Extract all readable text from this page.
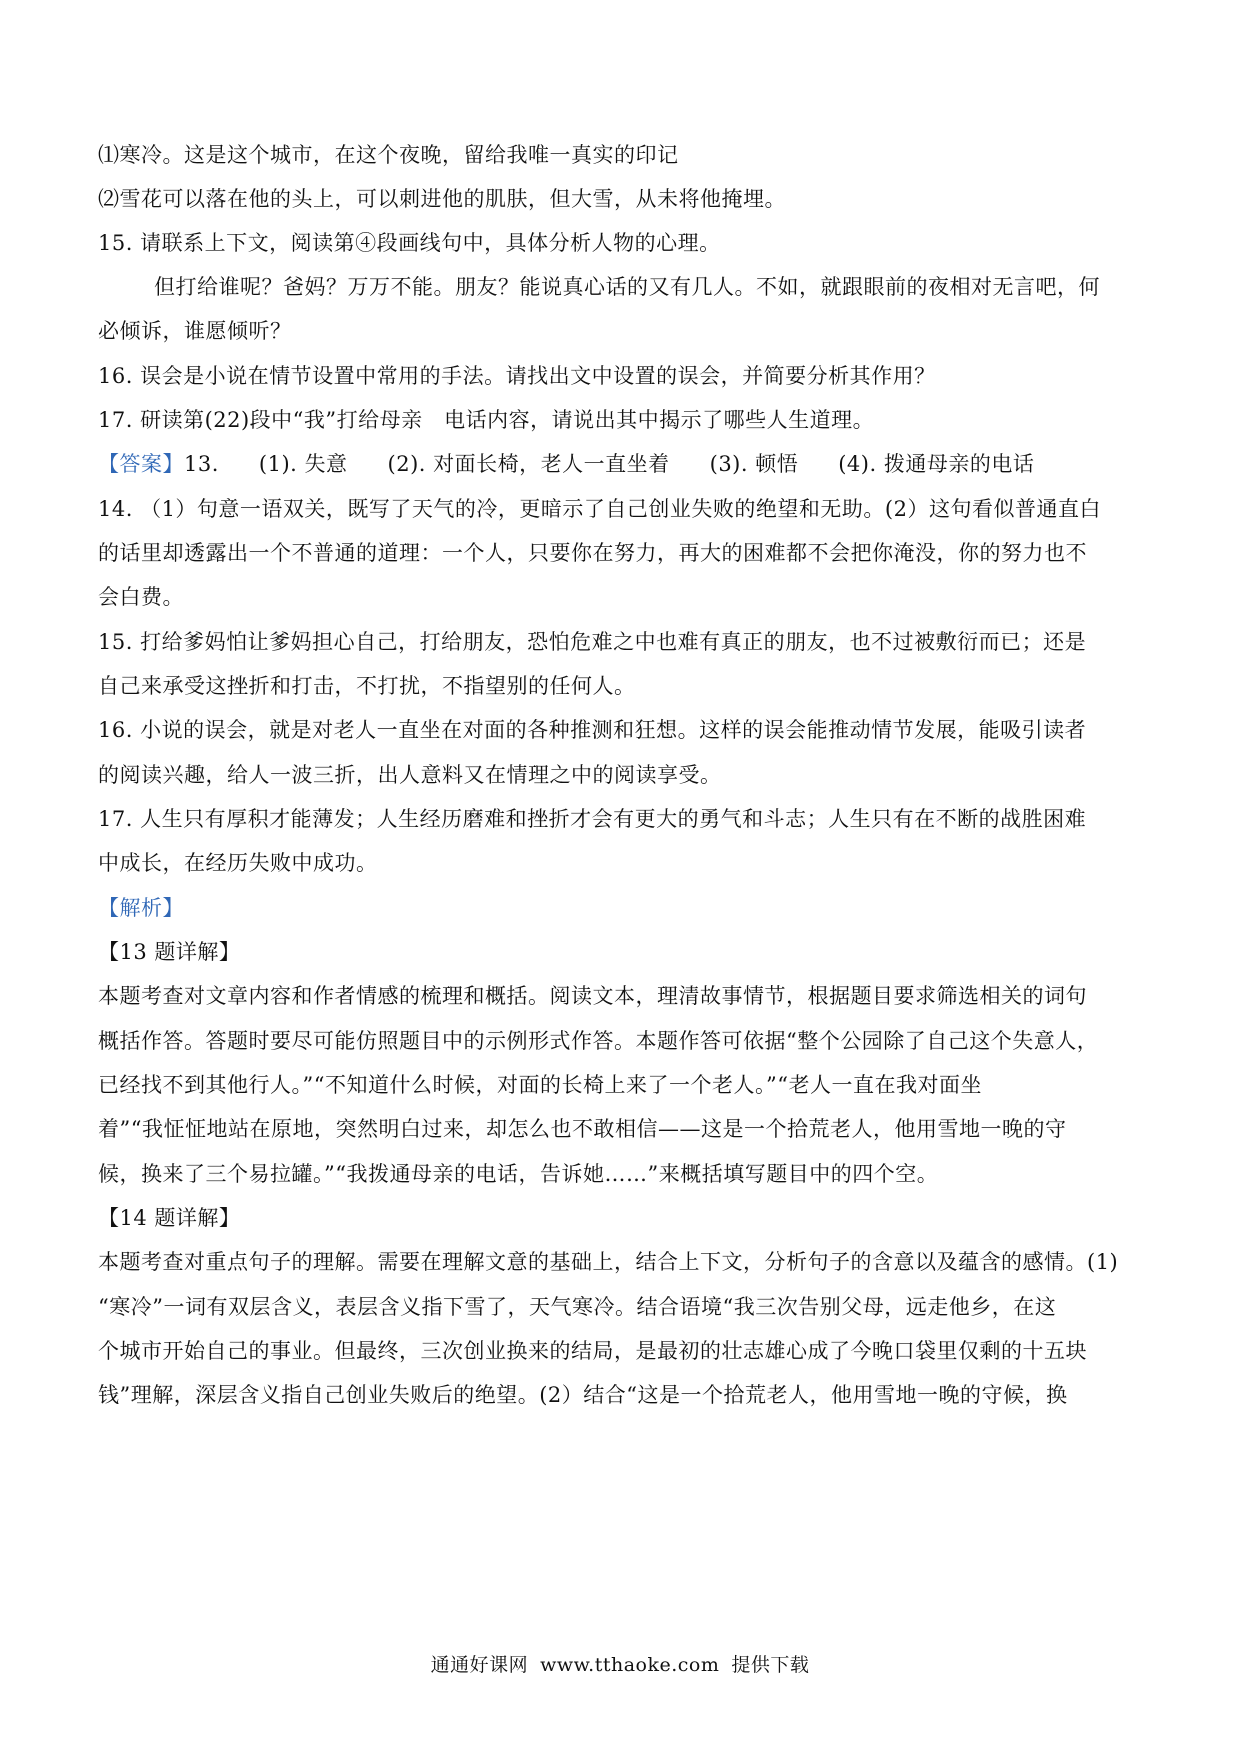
⑴寒冷。这是这个城市，在这个夜晚，留给我唯一真实的印记
⑵雪花可以落在他的头上，可以刺进他的肌肤，但大雪，从未将他掩埋。
15. 请联系上下文，阅读第④段画线句中，具体分析人物的心理。
但打给谁呢？爸妈？万万不能。朋友？能说真心话的又有几人。不如，就跟眼前的夜相对无言吧，何
必倾诉，谁愿倾听？
16. 误会是小说在情节设置中常用的手法。请找出文中设置的误会，并简要分析其作用？
17. 研读第(22)段中“我”打给母亲　电话内容，请说出其中揭示了哪些人生道理。
【答案】13. (1). 失意 (2). 对面长椅，老人一直坐着 (3). 顿悟 (4). 拨通母亲的电话
14. （1）句意一语双关，既写了天气的冷，更暗示了自己创业失败的绝望和无助。(2）这句看似普通直白
的话里却透露出一个不普通的道理：一个人，只要你在努力，再大的困难都不会把你淹没，你的努力也不
会白费。
15. 打给爹妈怕让爹妈担心自己，打给朋友，恐怕危难之中也难有真正的朋友，也不过被敷衍而已；还是
自己来承受这挫折和打击，不打扰，不指望别的任何人。
16. 小说的误会，就是对老人一直坐在对面的各种推测和狂想。这样的误会能推动情节发展，能吸引读者
的阅读兴趣，给人一波三折，出人意料又在情理之中的阅读享受。
17. 人生只有厚积才能薄发；人生经历磨难和挫折才会有更大的勇气和斗志；人生只有在不断的战胜困难
中成长，在经历失败中成功。
【解析】
【13 题详解】
本题考查对文章内容和作者情感的梳理和概括。阅读文本，理清故事情节，根据题目要求筛选相关的词句
概括作答。答题时要尽可能仿照题目中的示例形式作答。本题作答可依据“整个公园除了自己这个失意人，
已经找不到其他行人。”“不知道什么时候，对面的长椅上来了一个老人。”“老人一直在我对面坐
着”“我怔怔地站在原地，突然明白过来，却怎么也不敢相信——这是一个拾荒老人，他用雪地一晚的守
候，换来了三个易拉罐。”“我拨通母亲的电话，告诉她……”来概括填写题目中的四个空。
【14 题详解】
本题考查对重点句子的理解。需要在理解文意的基础上，结合上下文，分析句子的含意以及蕴含的感情。(1)
“寒冷”一词有双层含义，表层含义指下雪了，天气寒冷。结合语境“我三次告别父母，远走他乡，在这
个城市开始自己的事业。但最终，三次创业换来的结局，是最初的壮志雄心成了今晚口袋里仅剩的十五块
钱”理解，深层含义指自己创业失败后的绝望。(2）结合“这是一个拾荒老人，他用雪地一晚的守候，换
通通好课网 www.tthaoke.com 提供下载
